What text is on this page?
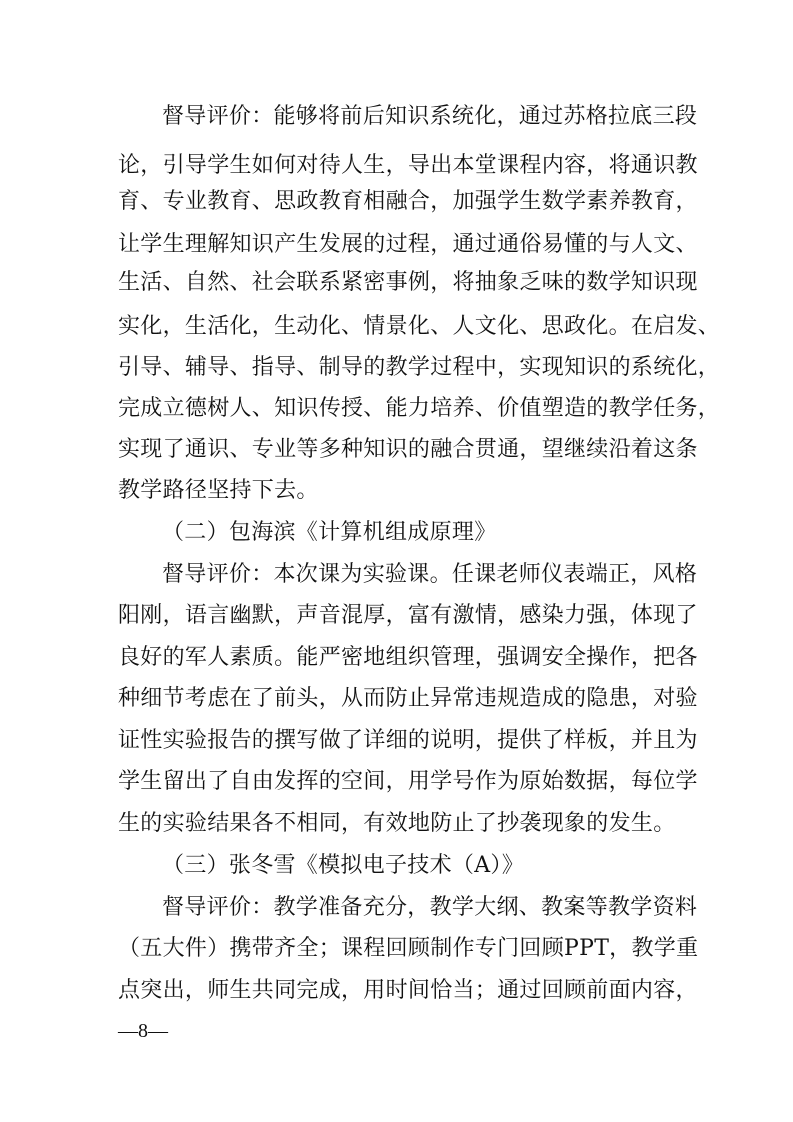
督导评价：能够将前后知识系统化，通过苏格拉底三段
论，引导学生如何对待人生，导出本堂课程内容，将通识教
育、专业教育、思政教育相融合，加强学生数学素养教育，
让学生理解知识产生发展的过程，通过通俗易懂的与人文、
生活、自然、社会联系紧密事例，将抽象乏味的数学知识现
实化，生活化，生动化、情景化、人文化、思政化。在启发、
引导、辅导、指导、制导的教学过程中，实现知识的系统化，
完成立德树人、知识传授、能力培养、价值塑造的教学任务，
实现了通识、专业等多种知识的融合贯通，望继续沿着这条
教学路径坚持下去。
（二）包海滨《计算机组成原理》
督导评价：本次课为实验课。任课老师仪表端正，风格
阳刚，语言幽默，声音混厚，富有激情，感染力强，体现了
良好的军人素质。能严密地组织管理，强调安全操作，把各
种细节考虑在了前头，从而防止异常违规造成的隐患，对验
证性实验报告的撰写做了详细的说明，提供了样板，并且为
学生留出了自由发挥的空间，用学号作为原始数据，每位学
生的实验结果各不相同，有效地防止了抄袭现象的发生。
（三）张冬雪《模拟电子技术（A）》
督导评价：教学准备充分，教学大纲、教案等教学资料
（五大件）携带齐全；课程回顾制作专门回顾PPT，教学重
点突出，师生共同完成，用时间恰当；通过回顾前面内容，
—8—
